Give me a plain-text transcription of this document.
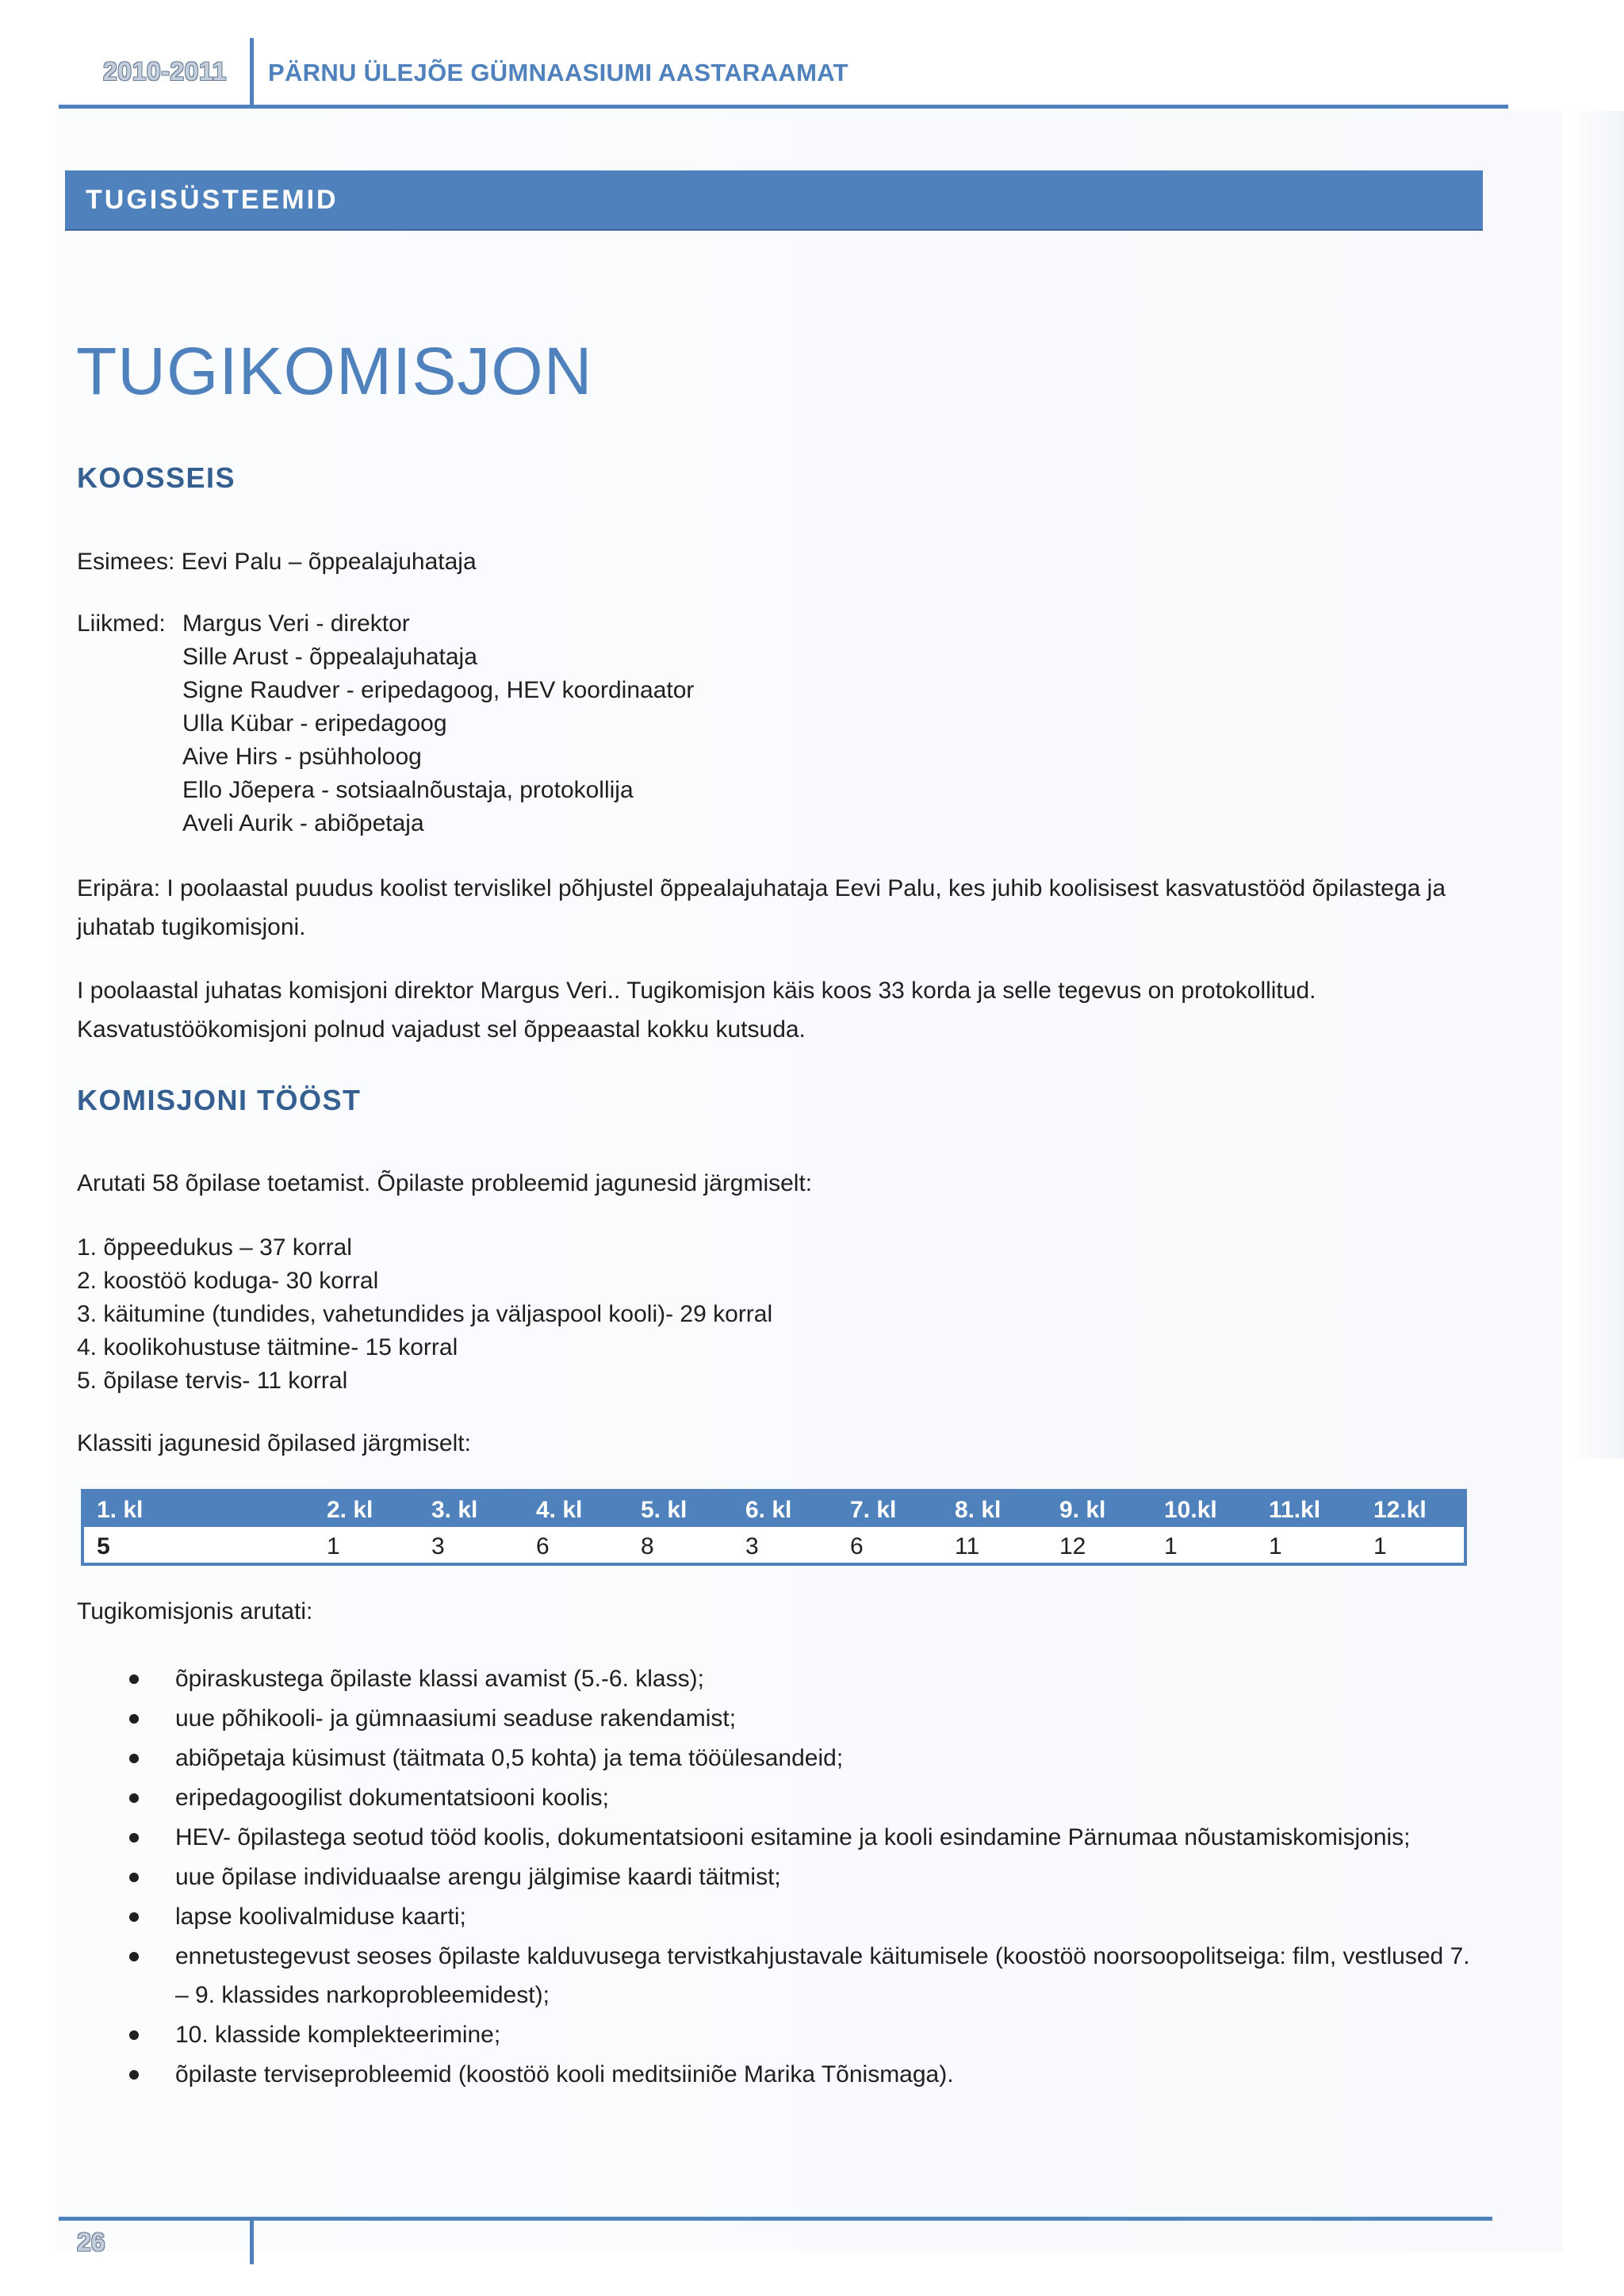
2010-2011 PÄRNU ÜLEJÕE GÜMNAASIUMI AASTARAAMAT
TUGISÜSTEEMID
TUGIKOMISJON
KOOSSEIS
Esimees: Eevi Palu – õppealajuhataja
Liikmed: Margus Veri - direktor
Sille Arust - õppealajuhataja
Signe Raudver - eripedagoog, HEV koordinaator
Ulla Kübar - eripedagoog
Aive Hirs - psühholoog
Ello Jõepera - sotsiaalnõustaja, protokollija
Aveli Aurik - abiõpetaja
Eripära: I poolaastal puudus koolist tervislikel põhjustel õppealajuhataja Eevi Palu, kes juhib koolisisest kasvatustööd õpilastega ja juhatab tugikomisjoni.
I poolaastal juhatas komisjoni direktor Margus Veri.. Tugikomisjon käis koos 33 korda ja selle tegevus on protokollitud. Kasvatustöökomisjoni polnud vajadust sel õppeaastal kokku kutsuda.
KOMISJONI TÖÖST
Arutati 58 õpilase toetamist. Õpilaste probleemid jagunesid järgmiselt:
1. õppeedukus – 37 korral
2. koostöö koduga- 30 korral
3. käitumine (tundides, vahetundides ja väljaspool kooli)- 29 korral
4. koolikohustuse täitmine- 15 korral
5. õpilase tervis- 11 korral
Klassiti jagunesid õpilased järgmiselt:
1. kl	2. kl 3. kl 4. kl 5. kl 6. kl 7. kl 8. kl 9. kl 10.kl 11.kl 12.kl
5	1	3	6	8	3	6	11	12	1	1	1
Tugikomisjonis arutati:
õpiraskustega õpilaste klassi avamist (5.-6. klass);
uue põhikooli- ja gümnaasiumi seaduse rakendamist;
abiõpetaja küsimust (täitmata 0,5 kohta) ja tema tööülesandeid;
eripedagoogilist dokumentatsiooni koolis;
HEV- õpilastega seotud tööd koolis, dokumentatsiooni esitamine ja kooli esindamine Pärnumaa nõustamiskomisjonis;
uue õpilase individuaalse arengu jälgimise kaardi täitmist;
lapse koolivalmiduse kaarti;
ennetustegevust seoses õpilaste kalduvusega tervistkahjustavale käitumisele (koostöö noorsoopolitseiga: film, vestlused 7. – 9. klassides narkoprobleemidest);
10. klasside komplekteerimine;
õpilaste terviseprobleemid (koostöö kooli meditsiiniõe Marika Tõnismaga).
26
